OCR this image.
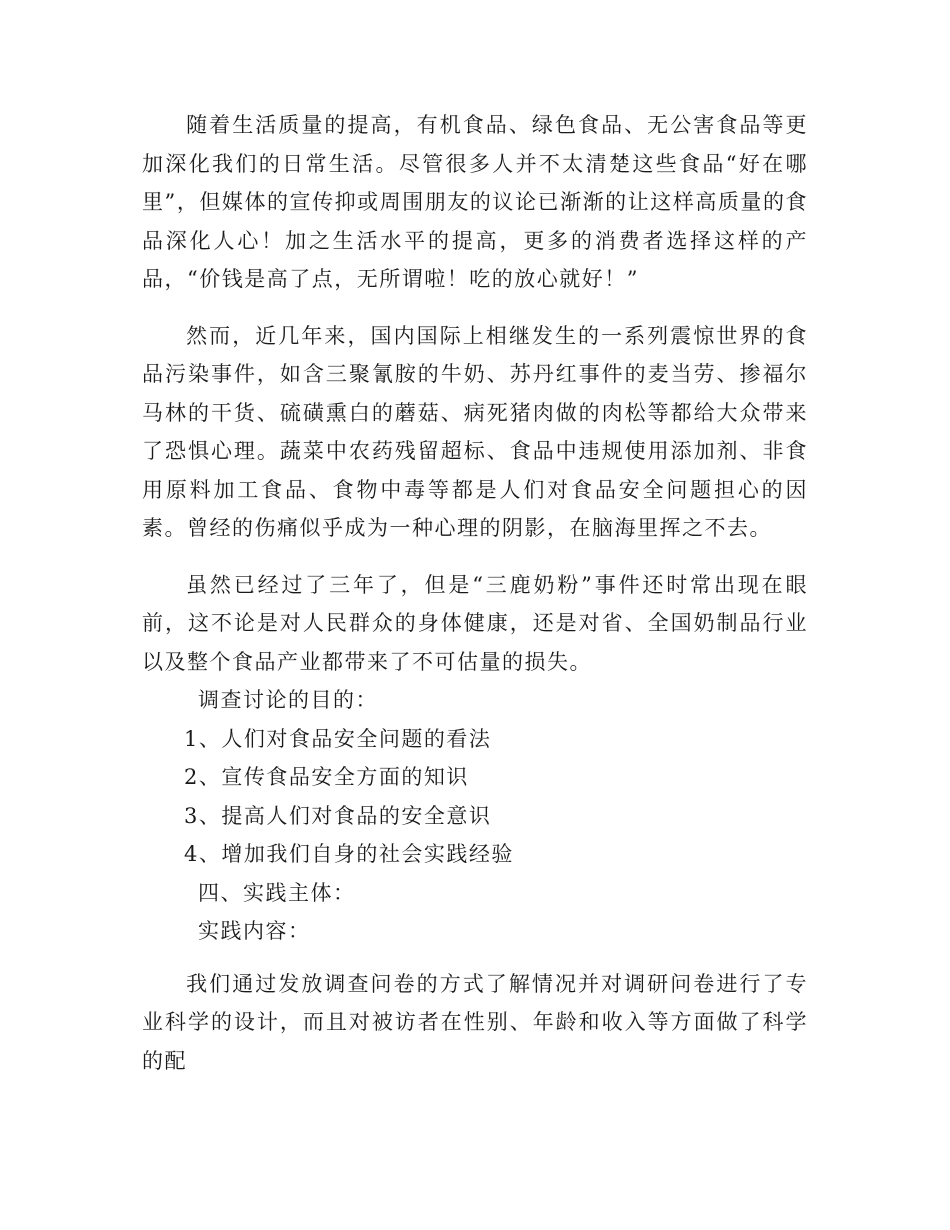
随着生活质量的提高，有机食品、绿色食品、无公害食品等更加深化我们的日常生活。尽管很多人并不太清楚这些食品“好在哪里”，但媒体的宣传抑或周围朋友的议论已渐渐的让这样高质量的食品深化人心！加之生活水平的提高，更多的消费者选择这样的产品，“价钱是高了点，无所谓啦！吃的放心就好！”

然而，近几年来，国内国际上相继发生的一系列震惊世界的食品污染事件，如含三聚氰胺的牛奶、苏丹红事件的麦当劳、掺福尔马林的干货、硫磺熏白的蘑菇、病死猪肉做的肉松等都给大众带来了恐惧心理。蔬菜中农药残留超标、食品中违规使用添加剂、非食用原料加工食品、食物中毒等都是人们对食品安全问题担心的因素。曾经的伤痛似乎成为一种心理的阴影，在脑海里挥之不去。

虽然已经过了三年了，但是“三鹿奶粉”事件还时常出现在眼前，这不论是对人民群众的身体健康，还是对省、全国奶制品行业以及整个食品产业都带来了不可估量的损失。

调查讨论的目的：

1、人们对食品安全问题的看法

2、宣传食品安全方面的知识

3、提高人们对食品的安全意识

4、增加我们自身的社会实践经验

四、实践主体：

实践内容：

我们通过发放调查问卷的方式了解情况并对调研问卷进行了专业科学的设计，而且对被访者在性别、年龄和收入等方面做了科学的配
